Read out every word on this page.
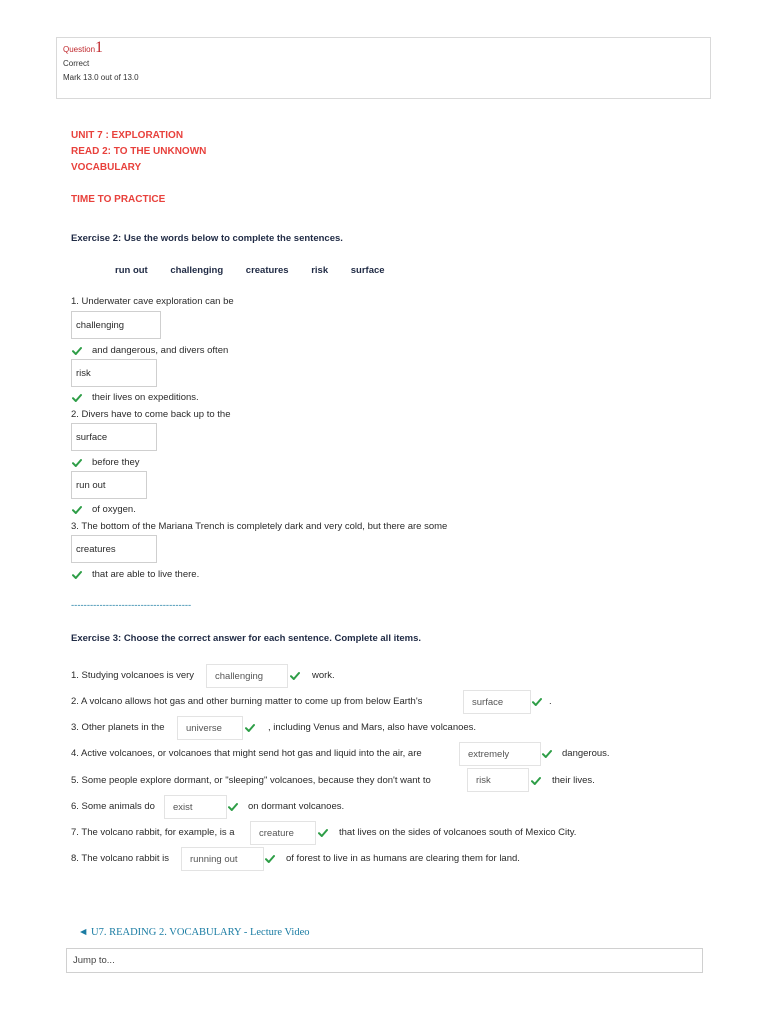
Question1
Correct
Mark 13.0 out of 13.0
UNIT 7 : EXPLORATION
READ 2: TO THE UNKNOWN
VOCABULARY
TIME TO PRACTICE
Exercise 2: Use the words below to complete the sentences.
run out challenging creatures risk surface
1. Underwater cave exploration can be
challenging
and dangerous, and divers often
risk
their lives on expeditions.
2. Divers have to come back up to the
surface
before they
run out
of oxygen.
3. The bottom of the Mariana Trench is completely dark and very cold, but there are some
creatures
that are able to live there.
--------------------------------------
Exercise 3: Choose the correct answer for each sentence. Complete all items.
1. Studying volcanoes is very	challenging	work.
2. A volcano allows hot gas and other burning matter to come up from below Earth's	surface	.
3. Other planets in the	universe	, including Venus and Mars, also have volcanoes.
4. Active volcanoes, or volcanoes that might send hot gas and liquid into the air, are	extremely	dangerous.
5. Some people explore dormant, or "sleeping" volcanoes, because they don't want to	risk	their lives.
6. Some animals do	exist	on dormant volcanoes.
7. The volcano rabbit, for example, is a	creature	that lives on the sides of volcanoes south of Mexico City.
8. The volcano rabbit is	running out	of forest to live in as humans are clearing them for land.
◄ U7. READING 2. VOCABULARY - Lecture Video
Jump to...
